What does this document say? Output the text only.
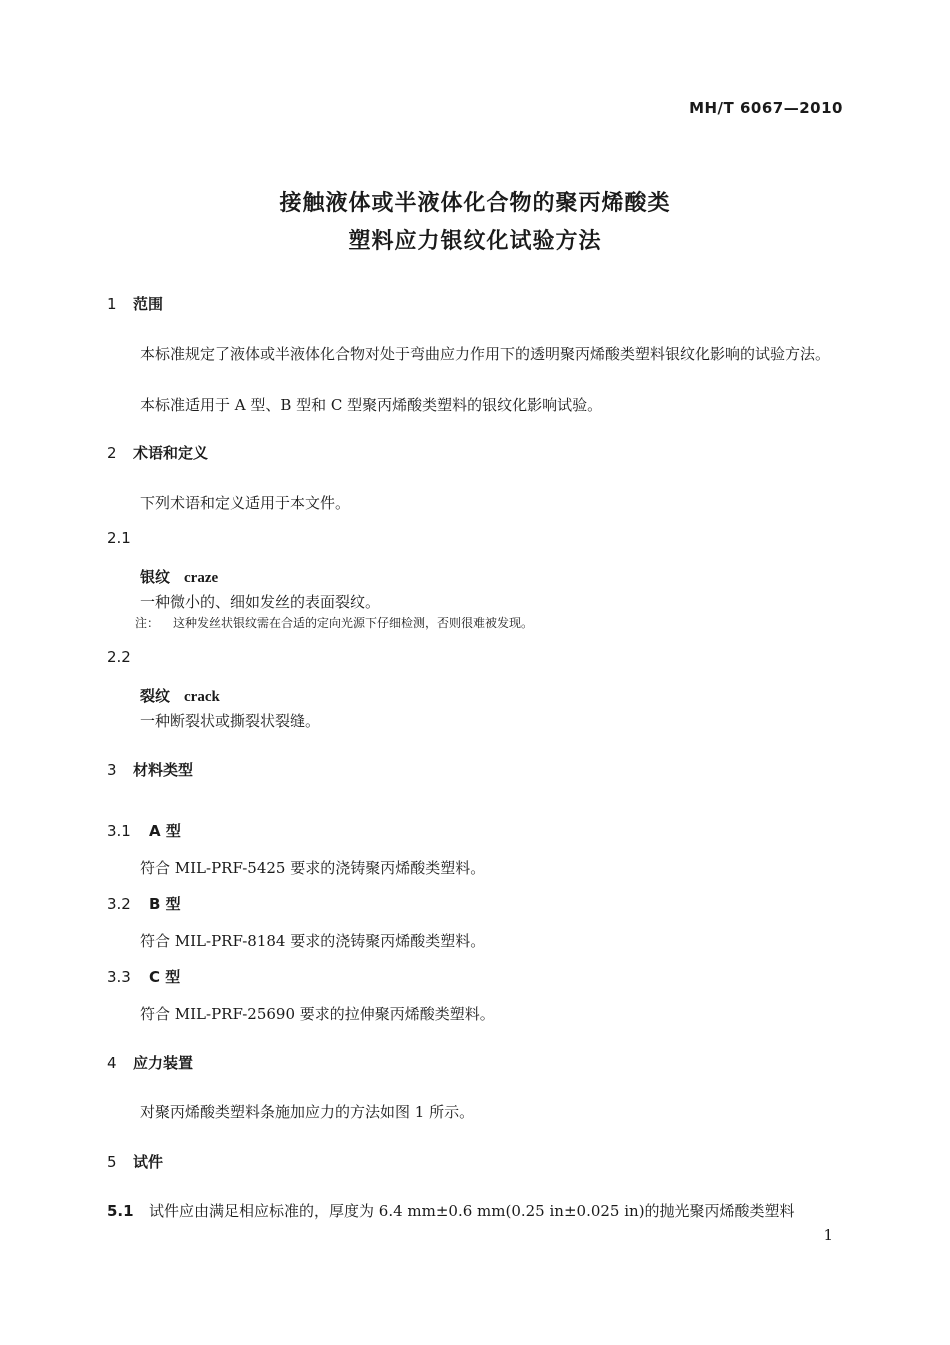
MH/T 6067—2010
接触液体或半液体化合物的聚丙烯酸类
塑料应力银纹化试验方法
1 范围
本标准规定了液体或半液体化合物对处于弯曲应力作用下的透明聚丙烯酸类塑料银纹化影响的试验方法。
本标准适用于 A 型、B 型和 C 型聚丙烯酸类塑料的银纹化影响试验。
2 术语和定义
下列术语和定义适用于本文件。
2.1
银纹 craze
一种微小的、细如发丝的表面裂纹。
注： 这种发丝状银纹需在合适的定向光源下仔细检测，否则很难被发现。
2.2
裂纹 crack
一种断裂状或撕裂状裂缝。
3 材料类型
3.1 A 型
符合 MIL-PRF-5425 要求的浇铸聚丙烯酸类塑料。
3.2 B 型
符合 MIL-PRF-8184 要求的浇铸聚丙烯酸类塑料。
3.3 C 型
符合 MIL-PRF-25690 要求的拉伸聚丙烯酸类塑料。
4 应力装置
对聚丙烯酸类塑料条施加应力的方法如图 1 所示。
5 试件
5.1 试件应由满足相应标准的，厚度为 6.4 mm±0.6 mm(0.25 in±0.025 in)的抛光聚丙烯酸类塑料
1
